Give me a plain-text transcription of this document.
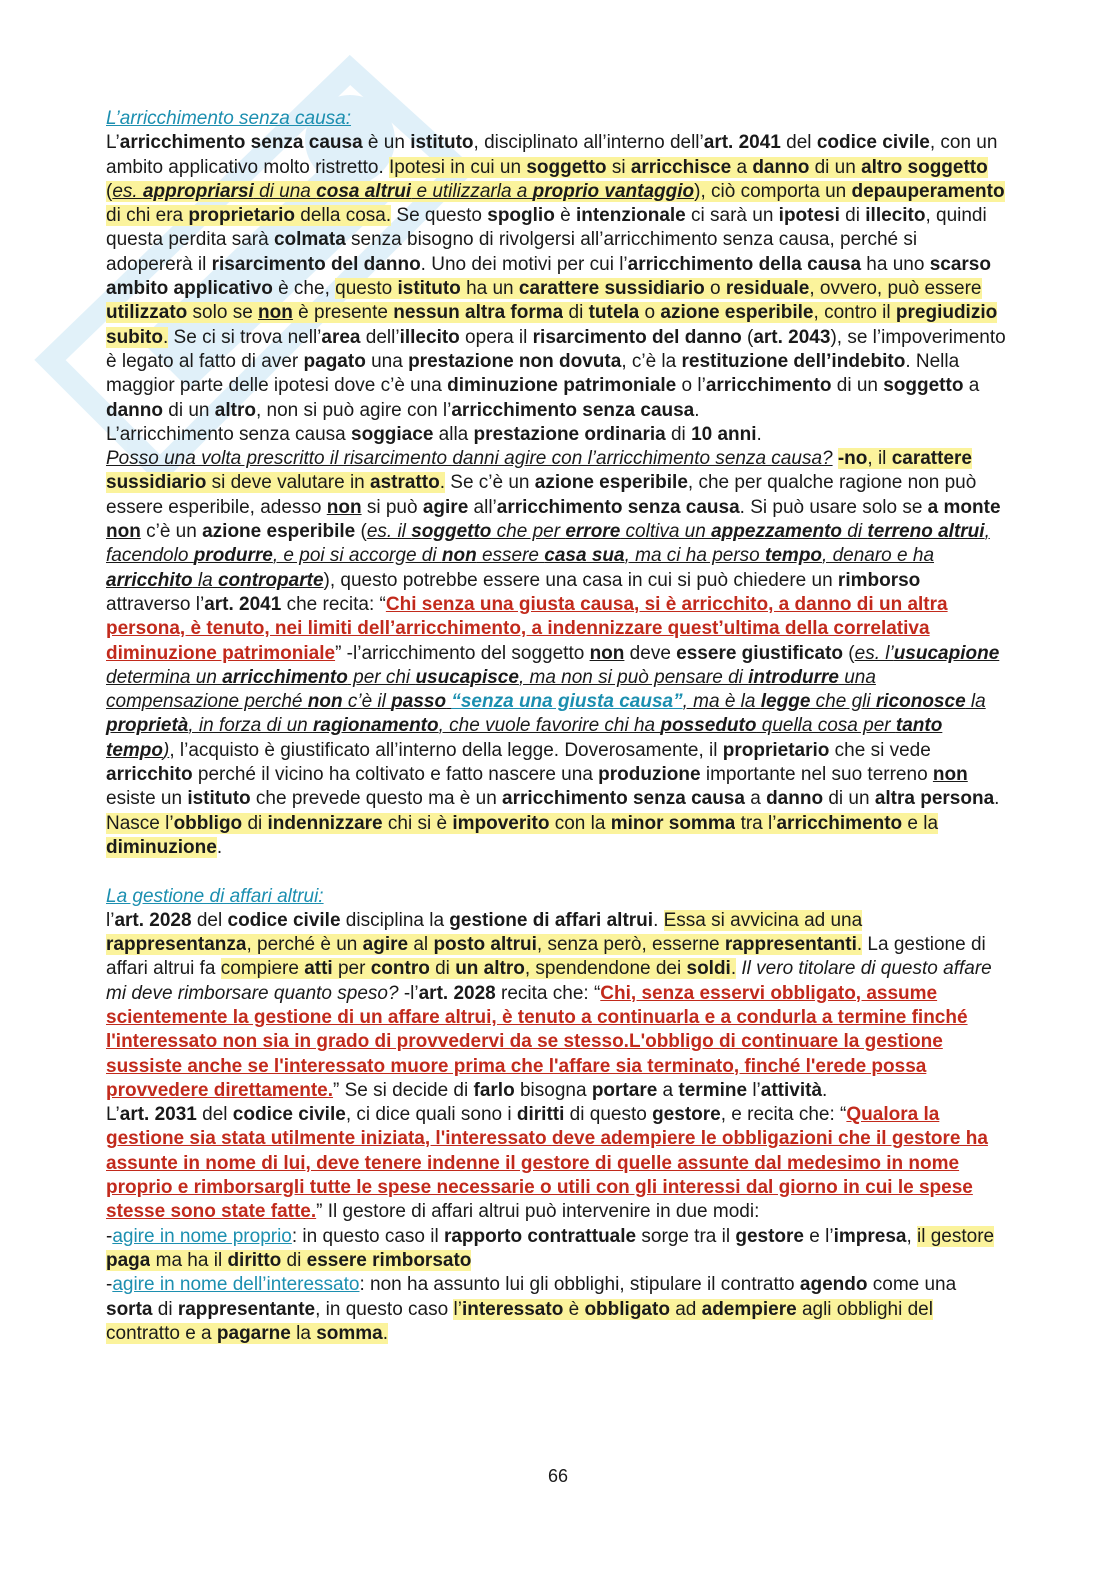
L’arricchimento senza causa:

L’arricchimento senza causa è un istituto, disciplinato all’interno dell’art. 2041 del codice civile, con un ambito applicativo molto ristretto. Ipotesi in cui un soggetto si arricchisce a danno di un altro soggetto (es. appropriarsi di una cosa altrui e utilizzarla a proprio vantaggio), ciò comporta un depauperamento di chi era proprietario della cosa. Se questo spoglio è intenzionale ci sarà un ipotesi di illecito, quindi questa perdita sarà colmata senza bisogno di rivolgersi all’arricchimento senza causa, perché si adopererà il risarcimento del danno. Uno dei motivi per cui l’arricchimento della causa ha uno scarso ambito applicativo è che, questo istituto ha un carattere sussidiario o residuale, ovvero, può essere utilizzato solo se non è presente nessun altra forma di tutela o azione esperibile, contro il pregiudizio subito. Se ci si trova nell’area dell’illecito opera il risarcimento del danno (art. 2043), se l’impoverimento è legato al fatto di aver pagato una prestazione non dovuta, c’è la restituzione dell’indebito. Nella maggior parte delle ipotesi dove c’è una diminuzione patrimoniale o l’arricchimento di un soggetto a danno di un altro, non si può agire con l’arricchimento senza causa.

L’arricchimento senza causa soggiace alla prestazione ordinaria di 10 anni.

Posso una volta prescritto il risarcimento danni agire con l’arricchimento senza causa? -no, il carattere sussidiario si deve valutare in astratto. Se c’è un azione esperibile, che per qualche ragione non può essere esperibile, adesso non si può agire all’arricchimento senza causa. Si può usare solo se a monte non c’è un azione esperibile (es. il soggetto che per errore coltiva un appezzamento di terreno altrui, facendolo produrre, e poi si accorge di non essere casa sua, ma ci ha perso tempo, denaro e ha arricchito la controparte), questo potrebbe essere una casa in cui si può chiedere un rimborso attraverso l’art. 2041 che recita: “Chi senza una giusta causa, si è arricchito, a danno di un altra persona, è tenuto, nei limiti dell’arricchimento, a indennizzare quest’ultima della correlativa diminuzione patrimoniale” -l’arricchimento del soggetto non deve essere giustificato (es. l’usucapione determina un arricchimento per chi usucapisce, ma non si può pensare di introdurre una compensazione perché non c’è il passo “senza una giusta causa”, ma è la legge che gli riconosce la proprietà, in forza di un ragionamento, che vuole favorire chi ha posseduto quella cosa per tanto tempo), l’acquisto è giustificato all’interno della legge. Doverosamente, il proprietario che si vede arricchito perché il vicino ha coltivato e fatto nascere una produzione importante nel suo terreno non esiste un istituto che prevede questo ma è un arricchimento senza causa a danno di un altra persona.

Nasce l’obbligo di indennizzare chi si è impoverito con la minor somma tra l’arricchimento e la diminuzione.

La gestione di affari altrui:

l’art. 2028 del codice civile disciplina la gestione di affari altrui. Essa si avvicina ad una rappresentanza, perché è un agire al posto altrui, senza però, esserne rappresentanti. La gestione di affari altrui fa compiere atti per contro di un altro, spendendone dei soldi. Il vero titolare di questo affare mi deve rimborsare quanto speso? -l’art. 2028 recita che: “Chi, senza esservi obbligato, assume scientemente la gestione di un affare altrui, è tenuto a continuarla e a condurla a termine finché l'interessato non sia in grado di provvedervi da se stesso.L'obbligo di continuare la gestione sussiste anche se l'interessato muore prima che l'affare sia terminato, finché l'erede possa provvedere direttamente.” Se si decide di farlo bisogna portare a termine l’attività.

L’art. 2031 del codice civile, ci dice quali sono i diritti di questo gestore, e recita che: “Qualora la gestione sia stata utilmente iniziata, l'interessato deve adempiere le obbligazioni che il gestore ha assunte in nome di lui, deve tenere indenne il gestore di quelle assunte dal medesimo in nome proprio e rimborsargli tutte le spese necessarie o utili con gli interessi dal giorno in cui le spese stesse sono state fatte.” Il gestore di affari altrui può intervenire in due modi:

-agire in nome proprio: in questo caso il rapporto contrattuale sorge tra il gestore e l’impresa, il gestore paga ma ha il diritto di essere rimborsato

-agire in nome dell’interessato: non ha assunto lui gli obblighi, stipulare il contratto agendo come una sorta di rappresentante, in questo caso l’interessato è obbligato ad adempiere agli obblighi del contratto e a pagarne la somma.

66
